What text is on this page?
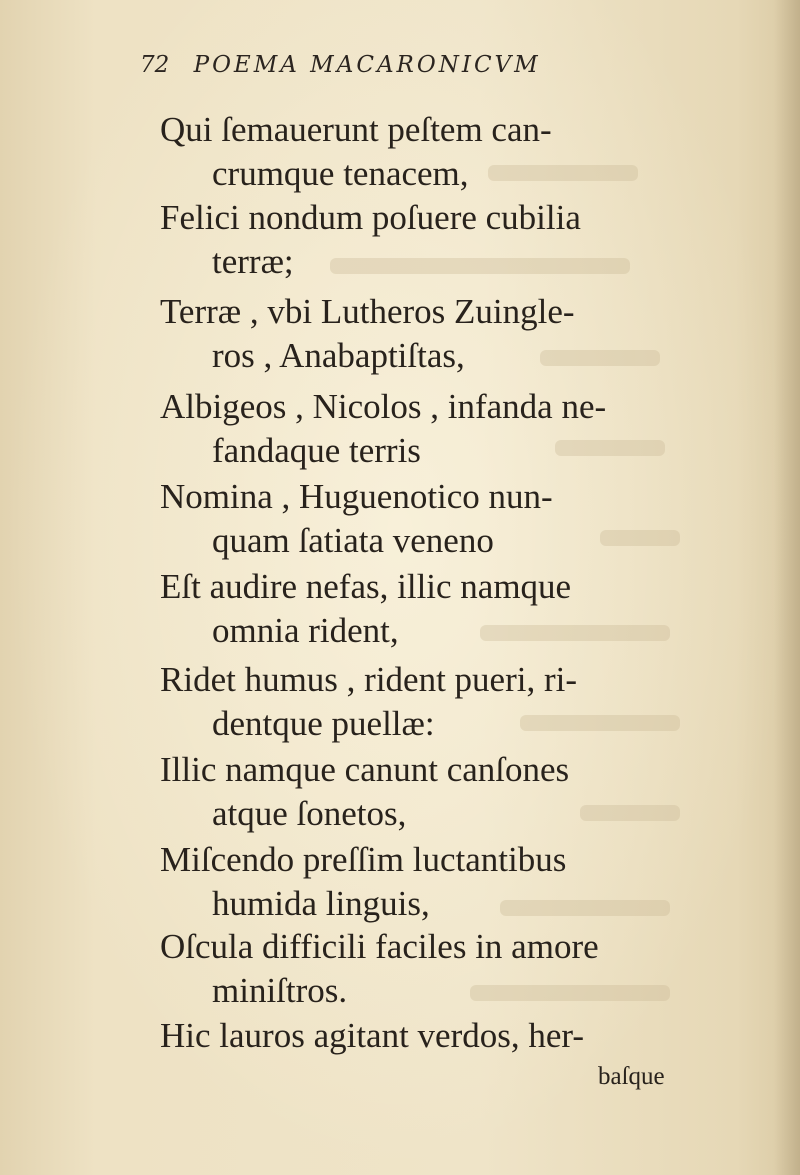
72 POEMA MACARONICVM
Qui ſemauerunt peſtem can-
crumque tenacem,
Felici nondum poſuere cubilia
terræ;
Terræ , vbi Lutheros Zuingle-
ros , Anabaptiſtas,
Albigeos , Nicolos , infanda ne-
fandaque terris
Nomina , Huguenotico nun-
quam ſatiata veneno
Eſt audire nefas, illic namque
omnia rident,
Ridet humus , rident pueri, ri-
dentque puellæ:
Illic namque canunt canſones
atque ſonetos,
Miſcendo preſſim luctantibus
humida linguis,
Oſcula difficili faciles in amore
miniſtros.
Hic lauros agitant verdos, her-
baſque
